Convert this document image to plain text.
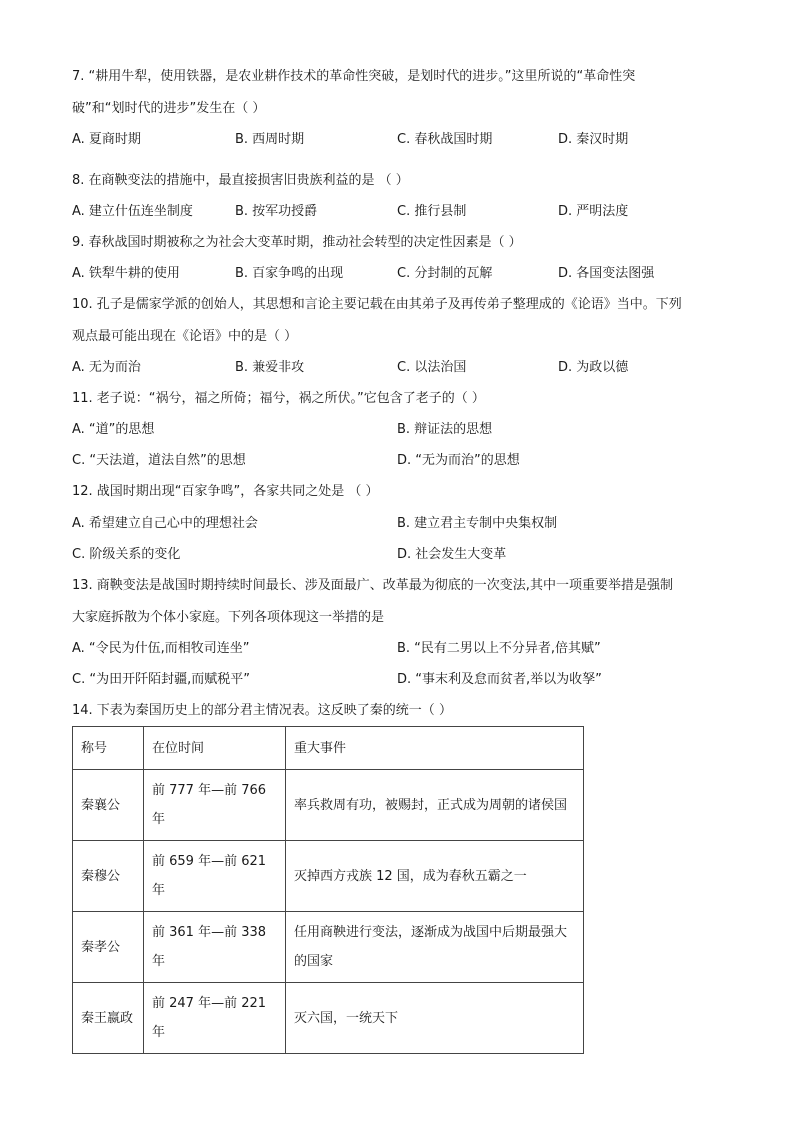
7. “耕用牛犁，使用铁器，是农业耕作技术的革命性突破，是划时代的进步。”这里所说的“革命性突
破”和“划时代的进步”发生在（ ）
A. 夏商时期	B. 西周时期	C. 春秋战国时期	D. 秦汉时期
8. 在商鞅变法的措施中，最直接损害旧贵族利益的是 （ ）
A. 建立什伍连坐制度	B. 按军功授爵	C. 推行县制	D. 严明法度
9. 春秋战国时期被称之为社会大变革时期，推动社会转型的决定性因素是（ ）
A. 铁犁牛耕的使用	B. 百家争鸣的出现	C. 分封制的瓦解	D. 各国变法图强
10. 孔子是儒家学派的创始人，其思想和言论主要记载在由其弟子及再传弟子整理成的《论语》当中。下列
观点最可能出现在《论语》中的是（ ）
A. 无为而治	B. 兼爱非攻	C. 以法治国	D. 为政以德
11. 老子说：“祸兮，福之所倚；福兮，祸之所伏。”它包含了老子的（ ）
A. “道”的思想	B. 辩证法的思想
C. “天法道，道法自然”的思想	D. “无为而治”的思想
12. 战国时期出现“百家争鸣”，各家共同之处是 （ ）
A. 希望建立自己心中的理想社会	B. 建立君主专制中央集权制
C. 阶级关系的变化	D. 社会发生大变革
13. 商鞅变法是战国时期持续时间最长、涉及面最广、改革最为彻底的一次变法,其中一项重要举措是强制
大家庭拆散为个体小家庭。下列各项体现这一举措的是
A. “令民为什伍,而相牧司连坐”	B. “民有二男以上不分异者,倍其赋”
C. “为田开阡陌封疆,而赋税平”	D. “事末利及怠而贫者,举以为收孥”
14. 下表为秦国历史上的部分君主情况表。这反映了秦的统一（ ）
称号	在位时间	重大事件
秦襄公	前 777 年—前 766 年	率兵救周有功，被赐封，正式成为周朝的诸侯国
秦穆公	前 659 年—前 621 年	灭掉西方戎族 12 国，成为春秋五霸之一
秦孝公	前 361 年—前 338 年	任用商鞅进行变法，逐渐成为战国中后期最强大的国家
秦王嬴政	前 247 年—前 221 年	灭六国，一统天下
